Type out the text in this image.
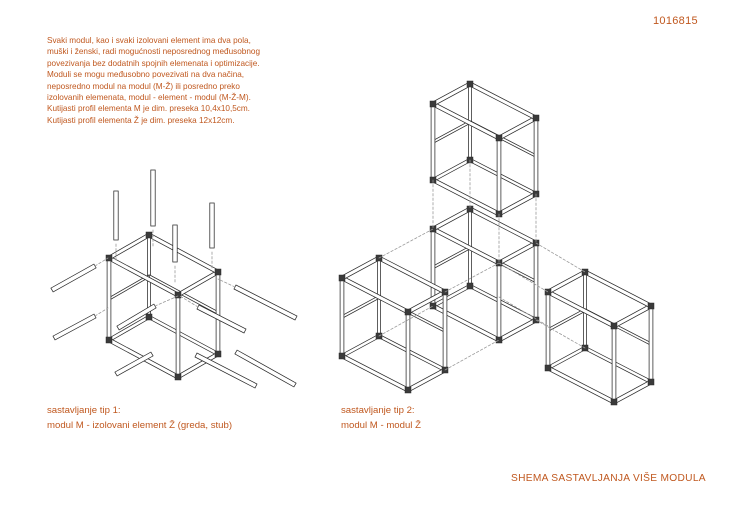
1016815
Svaki modul, kao i svaki izolovani element ima dva pola,
muški i ženski, radi mogućnosti neposrednog međusobnog
povezivanja bez dodatnih spojnih elemenata i optimizacije.
Moduli se mogu međusobno povezivati na dva načina,
neposredno modul na modul (M-Ž) ili posredno preko
izolovanih elemenata, modul - element - modul (M-Ž-M).
Kutijasti profil elementa M je dim. preseka 10,4x10,5cm.
Kutijasti profil elementa Ž je dim. preseka 12x12cm.
sastavljanje tip 1:
modul M - izolovani element Ž (greda, stub)
sastavljanje tip 2:
modul M - modul Ž
SHEMA SASTAVLJANJA VIŠE MODULA
